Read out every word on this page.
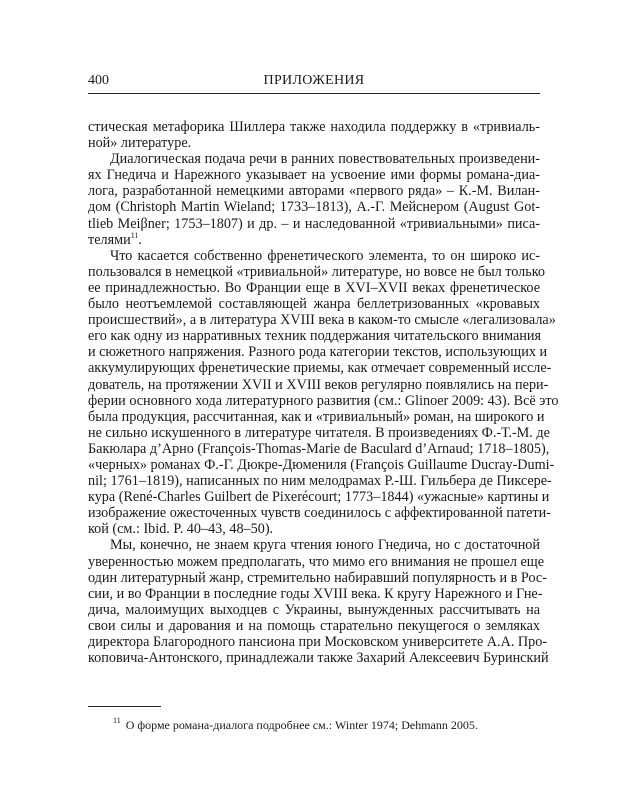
400	ПРИЛОЖЕНИЯ
стическая метафорика Шиллера также находила поддержку в «тривиаль-
ной» литературе.
Диалогическая подача речи в ранних повествовательных произведени-
ях Гнедича и Нарежного указывает на усвоение ими формы романа-диа-
лога, разработанной немецкими авторами «первого ряда» – К.-М. Вилан-
дом (Christoph Martin Wieland; 1733–1813), А.-Г. Мейснером (August Got-
tlieb Meiβner; 1753–1807) и др. – и наследованной «тривиальными» писа-
телями$^{11}$.
Что касается собственно френетического элемента, то он широко ис-
пользовался в немецкой «тривиальной» литературе, но вовсе не был только
ее принадлежностью. Во Франции еще в XVI–XVII веках френетическое
было неотъемлемой составляющей жанра беллетризованных «кровавых
происшествий», а в литература XVIII века в каком-то смысле «легализовала»
его как одну из нарративных техник поддержания читательского внимания
и сюжетного напряжения. Разного рода категории текстов, использующих и
аккумулирующих френетические приемы, как отмечает современный иссле-
дователь, на протяжении XVII и XVIII веков регулярно появлялись на пери-
ферии основного хода литературного развития (см.: Glinoer 2009: 43). Всё это
была продукция, рассчитанная, как и «тривиальный» роман, на широкого и
не сильно искушенного в литературе читателя. В произведениях Ф.-Т.-М. де
Бакюлара д’Арно (François-Thomas-Marie de Baculard d’Arnaud; 1718–1805),
«черных» романах Ф.-Г. Дюкре-Дюмениля (François Guillaume Ducray-Dumi-
nil; 1761–1819), написанных по ним мелодрамах Р.-Ш. Гильбера де Пиксере-
кура (René-Charles Guilbert de Pixerécourt; 1773–1844) «ужасные» картины и
изображение ожесточенных чувств соединилось с аффектированной патети-
кой (см.: Ibid. P. 40–43, 48–50).
Мы, конечно, не знаем круга чтения юного Гнедича, но с достаточной
уверенностью можем предполагать, что мимо его внимания не прошел еще
один литературный жанр, стремительно набиравший популярность и в Рос-
сии, и во Франции в последние годы XVIII века. К кругу Нарежного и Гне-
дича, малоимущих выходцев с Украины, вынужденных рассчитывать на
свои силы и дарования и на помощь старательно пекущегося о земляках
директора Благородного пансиона при Московском университете А.А. Про-
коповича-Антонского, принадлежали также Захарий Алексеевич Буринский
$^{11}$ О форме романа-диалога подробнее см.: Winter 1974; Dehmann 2005.
